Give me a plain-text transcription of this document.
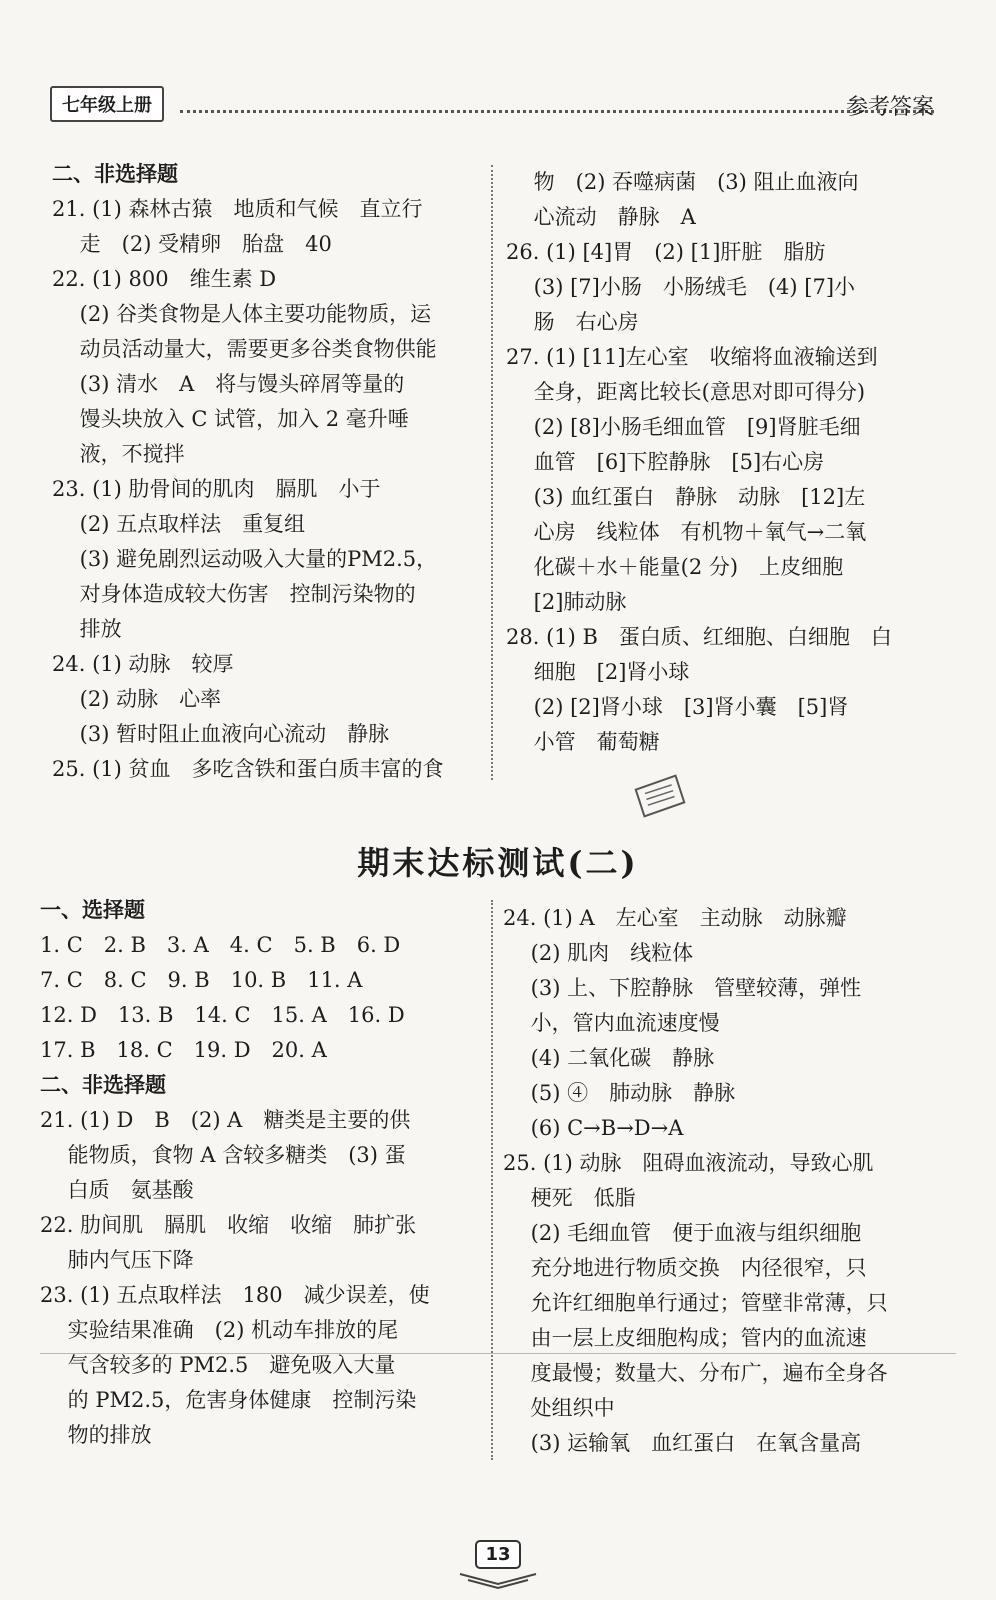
七年级上册	参考答案
二、非选择题
21. (1) 森林古猿　地质和气候　直立行
　 走　(2) 受精卵　胎盘　40
22. (1) 800　维生素 D
　 (2) 谷类食物是人体主要功能物质，运
　 动员活动量大，需要更多谷类食物供能
　 (3) 清水　A　将与馒头碎屑等量的
　 馒头块放入 C 试管，加入 2 毫升唾
　 液，不搅拌
23. (1) 肋骨间的肌肉　膈肌　小于
　 (2) 五点取样法　重复组
　 (3) 避免剧烈运动吸入大量的PM2.5，
　 对身体造成较大伤害　控制污染物的
　 排放
24. (1) 动脉　较厚
　 (2) 动脉　心率
　 (3) 暂时阻止血液向心流动　静脉
25. (1) 贫血　多吃含铁和蛋白质丰富的食
　 物　(2) 吞噬病菌　(3) 阻止血液向
　 心流动　静脉　A
26. (1) [4]胃　(2) [1]肝脏　脂肪
　 (3) [7]小肠　小肠绒毛　(4) [7]小
　 肠　右心房
27. (1) [11]左心室　收缩将血液输送到
　 全身，距离比较长(意思对即可得分)
　 (2) [8]小肠毛细血管　[9]肾脏毛细
　 血管　[6]下腔静脉　[5]右心房
　 (3) 血红蛋白　静脉　动脉　[12]左
　 心房　线粒体　有机物＋氧气→二氧
　 化碳＋水＋能量(2 分)　上皮细胞
　 [2]肺动脉
28. (1) B　蛋白质、红细胞、白细胞　白
　 细胞　[2]肾小球
　 (2) [2]肾小球　[3]肾小囊　[5]肾
　 小管　葡萄糖
期末达标测试(二)
一、选择题
1. C　2. B　3. A　4. C　5. B　6. D
7. C　8. C　9. B　10. B　11. A
12. D　13. B　14. C　15. A　16. D
17. B　18. C　19. D　20. A
二、非选择题
21. (1) D　B　(2) A　糖类是主要的供
　 能物质，食物 A 含较多糖类　(3) 蛋
　 白质　氨基酸
22. 肋间肌　膈肌　收缩　收缩　肺扩张
　 肺内气压下降
23. (1) 五点取样法　180　减少误差，使
　 实验结果准确　(2) 机动车排放的尾
　 气含较多的 PM2.5　避免吸入大量
　 的 PM2.5，危害身体健康　控制污染
　 物的排放
24. (1) A　左心室　主动脉　动脉瓣
　 (2) 肌肉　线粒体
　 (3) 上、下腔静脉　管壁较薄，弹性
　 小，管内血流速度慢
　 (4) 二氧化碳　静脉
　 (5) ④　肺动脉　静脉
　 (6) C→B→D→A
25. (1) 动脉　阻碍血液流动，导致心肌
　 梗死　低脂
　 (2) 毛细血管　便于血液与组织细胞
　 充分地进行物质交换　内径很窄，只
　 允许红细胞单行通过；管壁非常薄，只
　 由一层上皮细胞构成；管内的血流速
　 度最慢；数量大、分布广，遍布全身各
　 处组织中
　 (3) 运输氧　血红蛋白　在氧含量高
13
